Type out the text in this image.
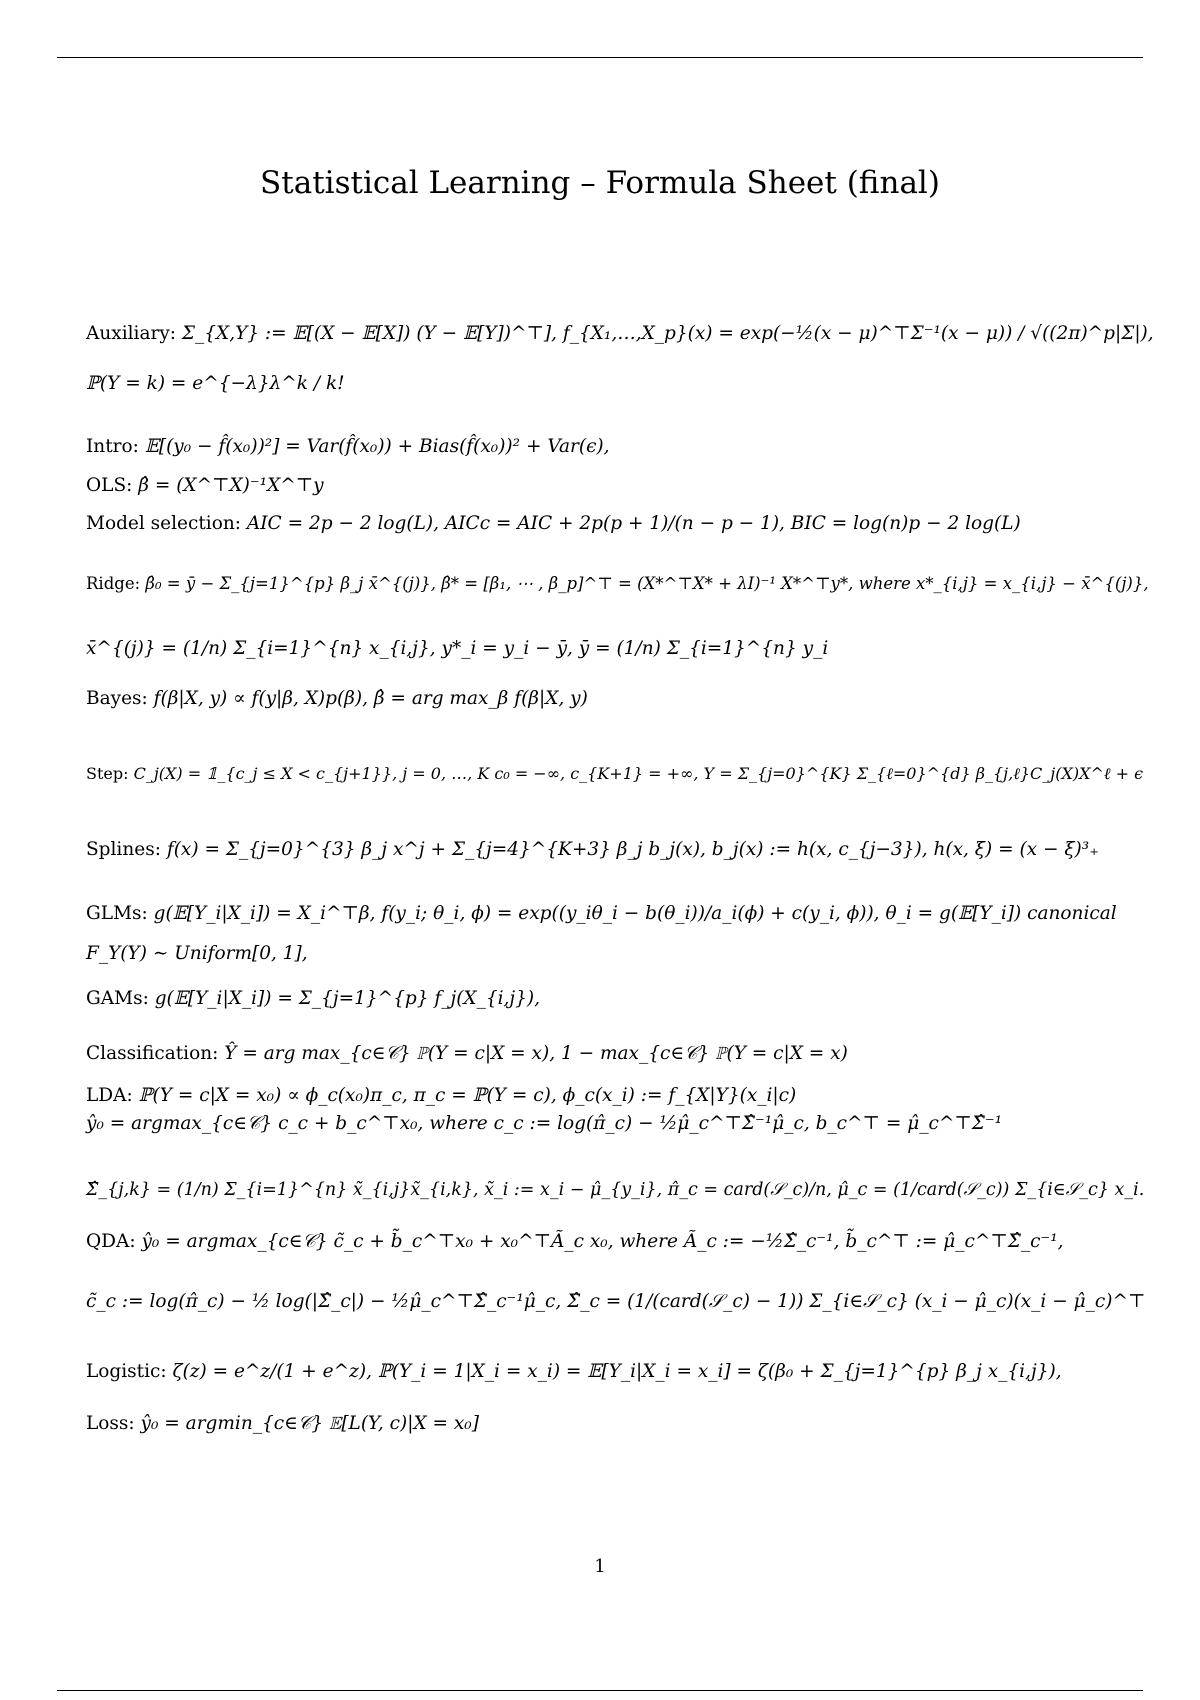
Statistical Learning – Formula Sheet (final)
Auxiliary: Σ_{X,Y} := 𝔼[(X − 𝔼[X]) (Y − 𝔼[Y])^⊤], f_{X₁,…,X_p}(x) = exp(−½(x − μ)^⊤Σ⁻¹(x − μ)) / √((2π)^p|Σ|),
ℙ(Y = k) = e^{−λ}λ^k / k!
Intro: 𝔼[(y₀ − f̂(x₀))²] = Var(f̂(x₀)) + Bias(f̂(x₀))² + Var(ϵ),
OLS: β̂ = (X^⊤X)⁻¹X^⊤y
Model selection: AIC = 2p − 2 log(L), AICc = AIC + 2p(p + 1)/(n − p − 1), BIC = log(n)p − 2 log(L)
Ridge: β̂₀ = ȳ − Σ_{j=1}^{p} β_j x̄^{(j)}, β̂* = [β₁, ⋯ , β_p]^⊤ = (X*^⊤X* + λI)⁻¹ X*^⊤y*, where x*_{i,j} = x_{i,j} − x̄^{(j)},
x̄^{(j)} = (1/n) Σ_{i=1}^{n} x_{i,j}, y*_i = y_i − ȳ, ȳ = (1/n) Σ_{i=1}^{n} y_i
Bayes: f(β|X, y) ∝ f(y|β, X)p(β), β̂ = arg max_β f(β|X, y)
Step: C_j(X) = 𝟙_{c_j ≤ X < c_{j+1}}, j = 0, …, K c₀ = −∞, c_{K+1} = +∞, Y = Σ_{j=0}^{K} Σ_{ℓ=0}^{d} β_{j,ℓ}C_j(X)X^ℓ + ϵ
Splines: f(x) = Σ_{j=0}^{3} β_j x^j + Σ_{j=4}^{K+3} β_j b_j(x), b_j(x) := h(x, c_{j−3}), h(x, ξ) = (x − ξ)³₊
GLMs: g(𝔼[Y_i|X_i]) = X_i^⊤β, f(y_i; θ_i, ϕ) = exp((y_iθ_i − b(θ_i))/a_i(ϕ) + c(y_i, ϕ)), θ_i = g(𝔼[Y_i]) canonical
F_Y(Y) ∼ Uniform[0, 1],
GAMs: g(𝔼[Y_i|X_i]) = Σ_{j=1}^{p} f_j(X_{i,j}),
Classification: Ŷ = arg max_{c∈𝒞} ℙ(Y = c|X = x), 1 − max_{c∈𝒞} ℙ(Y = c|X = x)
LDA: ℙ(Y = c|X = x₀) ∝ ϕ_c(x₀)π_c, π_c = ℙ(Y = c), ϕ_c(x_i) := f_{X|Y}(x_i|c)
ŷ₀ = argmax_{c∈𝒞} c_c + b_c^⊤x₀, where c_c := log(π̂_c) − ½μ̂_c^⊤Σ̂⁻¹μ̂_c, b_c^⊤ = μ̂_c^⊤Σ̂⁻¹
Σ̂_{j,k} = (1/n) Σ_{i=1}^{n} x̃_{i,j}x̃_{i,k}, x̃_i := x_i − μ̂_{y_i}, π̂_c = card(𝒮_c)/n, μ̂_c = (1/card(𝒮_c)) Σ_{i∈𝒮_c} x_i.
QDA: ŷ₀ = argmax_{c∈𝒞} c̃_c + b̃_c^⊤x₀ + x₀^⊤Ã_c x₀, where Ã_c := −½Σ̂_c⁻¹, b̃_c^⊤ := μ̂_c^⊤Σ̂_c⁻¹,
c̃_c := log(π̂_c) − ½ log(|Σ̂_c|) − ½μ̂_c^⊤Σ̂_c⁻¹μ̂_c, Σ̂_c = (1/(card(𝒮_c) − 1)) Σ_{i∈𝒮_c} (x_i − μ̂_c)(x_i − μ̂_c)^⊤
Logistic: ζ(z) = e^z/(1 + e^z), ℙ(Y_i = 1|X_i = x_i) = 𝔼[Y_i|X_i = x_i] = ζ(β₀ + Σ_{j=1}^{p} β_j x_{i,j}),
Loss: ŷ₀ = argmin_{c∈𝒞} 𝔼[L(Y, c)|X = x₀]
1
